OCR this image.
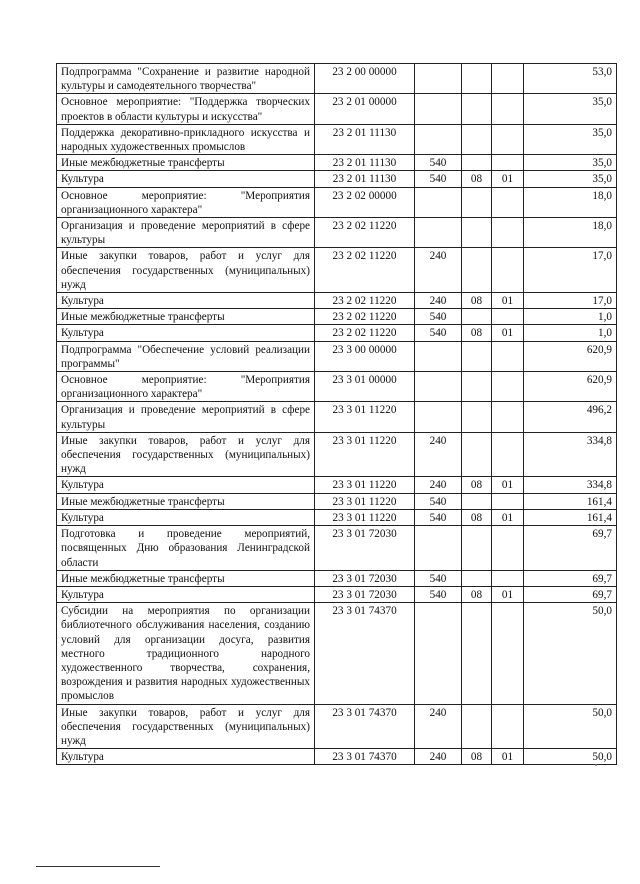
Подпрограмма "Сохранение и развитие народной культуры и самодеятельного творчества"	23 2 00 00000				53,0
Основное мероприятие: "Поддержка творческих проектов в области культуры и искусства"	23 2 01 00000				35,0
Поддержка декоративно-прикладного искусства и народных художественных промыслов	23 2 01 11130				35,0
Иные межбюджетные трансферты	23 2 01 11130	540			35,0
Культура	23 2 01 11130	540	08	01	35,0
Основное мероприятие: "Мероприятия организационного характера"	23 2 02 00000				18,0
Организация и проведение мероприятий в сфере культуры	23 2 02 11220				18,0
Иные закупки товаров, работ и услуг для обеспечения государственных (муниципальных) нужд	23 2 02 11220	240			17,0
Культура	23 2 02 11220	240	08	01	17,0
Иные межбюджетные трансферты	23 2 02 11220	540			1,0
Культура	23 2 02 11220	540	08	01	1,0
Подпрограмма "Обеспечение условий реализации программы"	23 3 00 00000				620,9
Основное мероприятие: "Мероприятия организационного характера"	23 3 01 00000				620,9
Организация и проведение мероприятий в сфере культуры	23 3 01 11220				496,2
Иные закупки товаров, работ и услуг для обеспечения государственных (муниципальных) нужд	23 3 01 11220	240			334,8
Культура	23 3 01 11220	240	08	01	334,8
Иные межбюджетные трансферты	23 3 01 11220	540			161,4
Культура	23 3 01 11220	540	08	01	161,4
Подготовка и проведение мероприятий, посвященных Дню образования Ленинградской области	23 3 01 72030				69,7
Иные межбюджетные трансферты	23 3 01 72030	540			69,7
Культура	23 3 01 72030	540	08	01	69,7
Субсидии на мероприятия по организации библиотечного обслуживания населения, созданию условий для организации досуга, развития местного традиционного народного художественного творчества, сохранения, возрождения и развития народных художественных промыслов	23 3 01 74370				50,0
Иные закупки товаров, работ и услуг для обеспечения государственных (муниципальных) нужд	23 3 01 74370	240			50,0
Культура	23 3 01 74370	240	08	01	50,0
